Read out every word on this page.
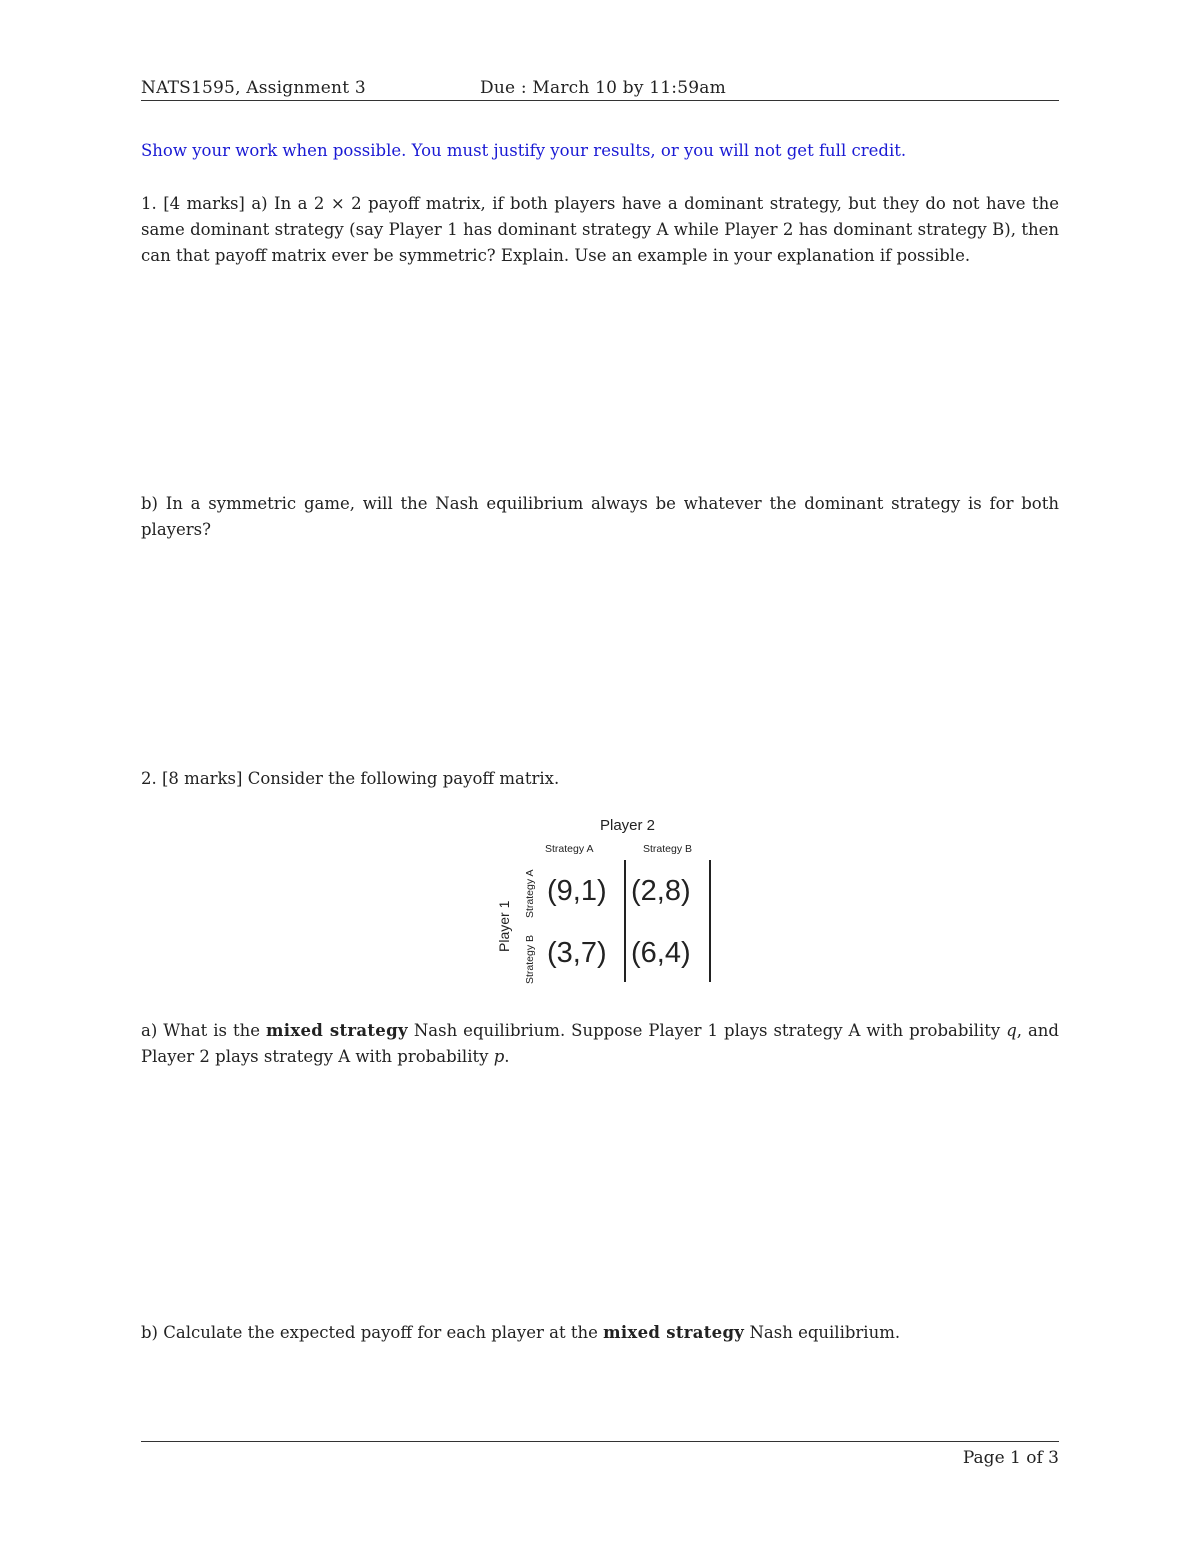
NATS1595, Assignment 3	Due : March 10 by 11:59am
Show your work when possible. You must justify your results, or you will not get full credit.
1. [4 marks] a) In a 2 × 2 payoff matrix, if both players have a dominant strategy, but they do not have the same dominant strategy (say Player 1 has dominant strategy A while Player 2 has dominant strategy B), then can that payoff matrix ever be symmetric? Explain. Use an example in your explanation if possible.
b) In a symmetric game, will the Nash equilibrium always be whatever the dominant strategy is for both players?
2. [8 marks] Consider the following payoff matrix.
Player 2
Strategy A	Strategy B
Player 1
Strategy A
Strategy B
(9,1) (2,8)
(3,7) (6,4)
a) What is the mixed strategy Nash equilibrium. Suppose Player 1 plays strategy A with probability q, and Player 2 plays strategy A with probability p.
b) Calculate the expected payoff for each player at the mixed strategy Nash equilibrium.
Page 1 of 3
